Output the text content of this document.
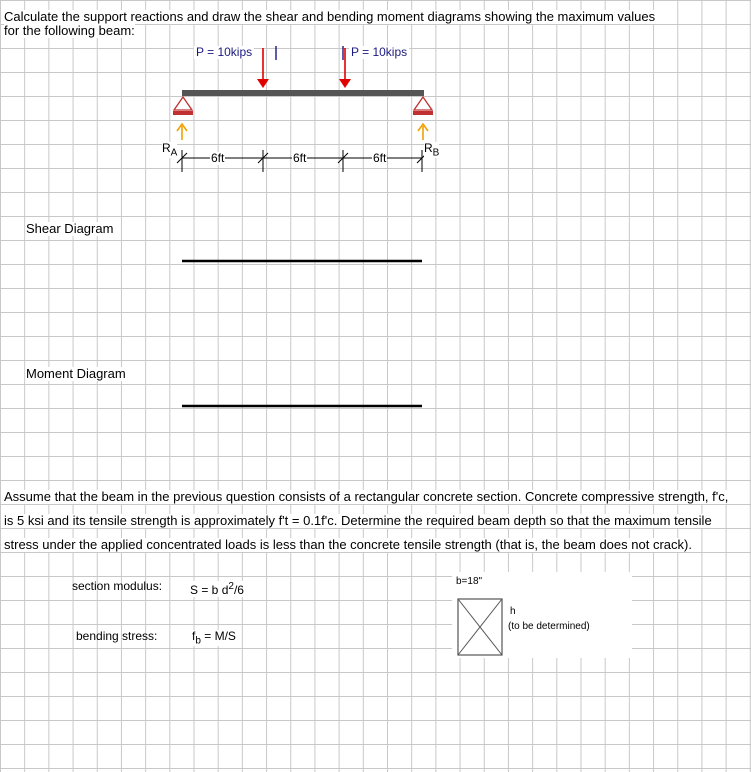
Calculate the support reactions and draw the shear and bending moment diagrams showing the maximum values
for the following beam:
P = 10kips	P = 10kips
$R_A$	$R_B$
6ft	6ft	6ft
Shear Diagram
Moment Diagram
Assume that the beam in the previous question consists of a rectangular concrete section. Concrete compressive strength, f'c,
is 5 ksi and its tensile strength is approximately f't = 0.1f'c. Determine the required beam depth so that the maximum tensile
stress under the applied concentrated loads is less than the concrete tensile strength (that is, the beam does not crack).
section modulus: S = b $d^2/6$
bending stress:	$f_b = M/S$
b=18"
h
(to be determined)
